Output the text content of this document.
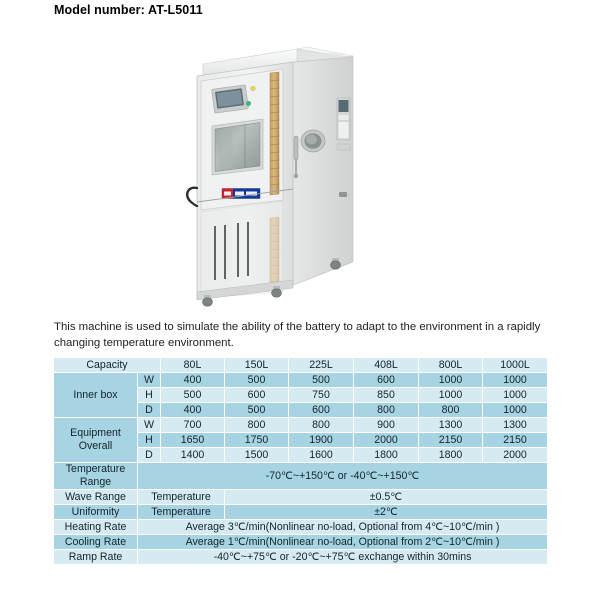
Model number: AT-L5011
This machine is used to simulate the ability of the battery to adapt to the environment in a rapidly changing temperature environment.
Capacity		80L	150L	225L	408L	800L	1000L
Inner box	W	400	500	500	600	1000	1000
	H	500	600	750	850	1000	1000
	D	400	500	600	800	800	1000
Equipment
Overall	W	700	800	800	900	1300	1300
	H	1650	1750	1900	2000	2150	2150
	D	1400	1500	1600	1800	1800	2000
Temperature
Range	-70℃~+150℃ or -40℃~+150℃						
Wave Range	Temperature		±0.5℃				
Uniformity	Temperature		±2℃				
Heating Rate	Average 3℃/min(Nonlinear no-load, Optional from 4℃~10℃/min )						
Cooling Rate	Average 1℃/min(Nonlinear no-load, Optional from 2℃~10℃/min )						
Ramp Rate	-40℃~+75℃ or -20℃~+75℃ exchange within 30mins						
